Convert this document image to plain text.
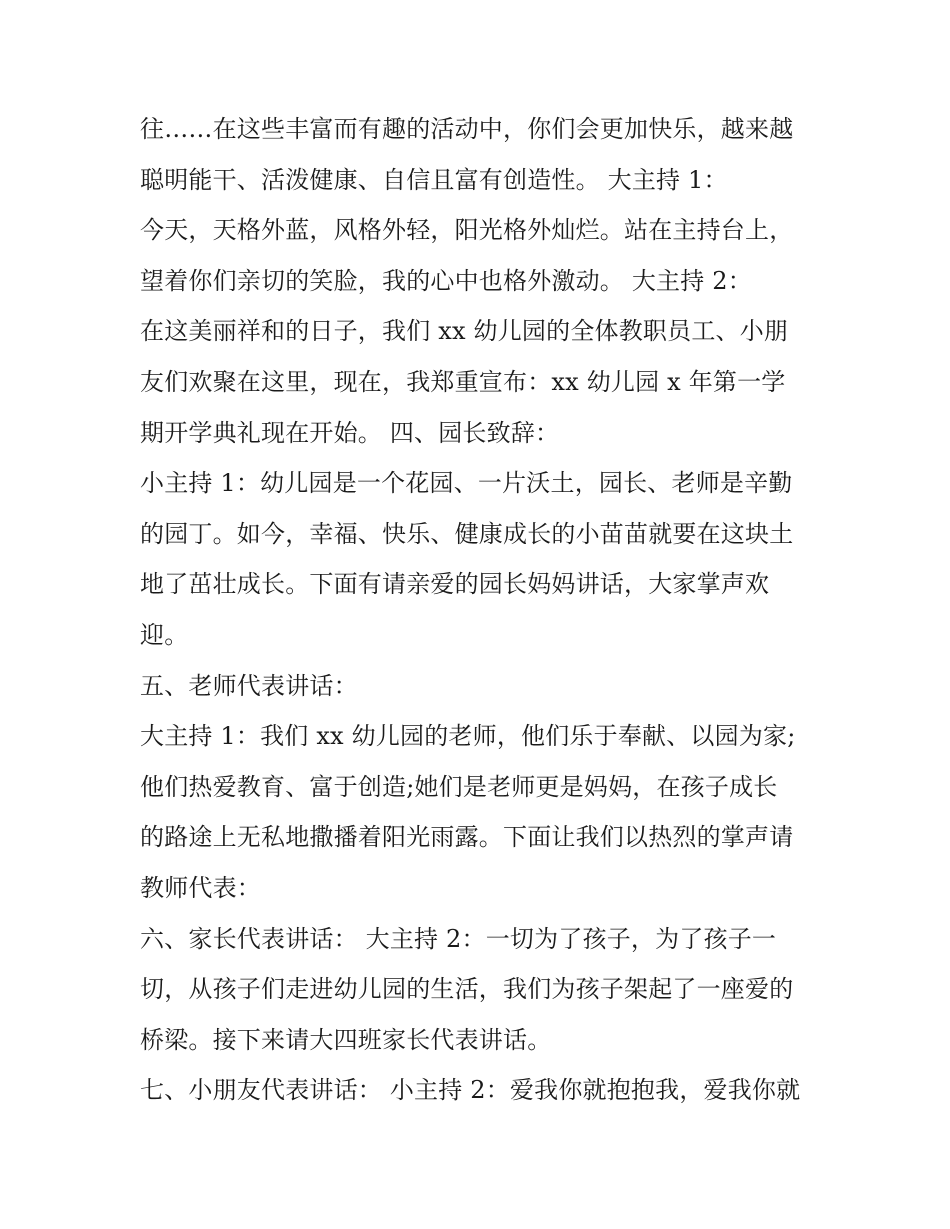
往……在这些丰富而有趣的活动中，你们会更加快乐，越来越
聪明能干、活泼健康、自信且富有创造性。 大主持 1：
今天，天格外蓝，风格外轻，阳光格外灿烂。站在主持台上，
望着你们亲切的笑脸，我的心中也格外激动。 大主持 2：
在这美丽祥和的日子，我们 xx 幼儿园的全体教职员工、小朋
友们欢聚在这里，现在，我郑重宣布：xx 幼儿园 x 年第一学
期开学典礼现在开始。 四、园长致辞：
小主持 1：幼儿园是一个花园、一片沃土，园长、老师是辛勤
的园丁。如今，幸福、快乐、健康成长的小苗苗就要在这块土
地了茁壮成长。下面有请亲爱的园长妈妈讲话，大家掌声欢
迎。
五、老师代表讲话：
大主持 1：我们 xx 幼儿园的老师，他们乐于奉献、以园为家;
他们热爱教育、富于创造;她们是老师更是妈妈，在孩子成长
的路途上无私地撒播着阳光雨露。下面让我们以热烈的掌声请
教师代表：
六、家长代表讲话： 大主持 2：一切为了孩子，为了孩子一
切，从孩子们走进幼儿园的生活，我们为孩子架起了一座爱的
桥梁。接下来请大四班家长代表讲话。
七、小朋友代表讲话： 小主持 2：爱我你就抱抱我，爱我你就
